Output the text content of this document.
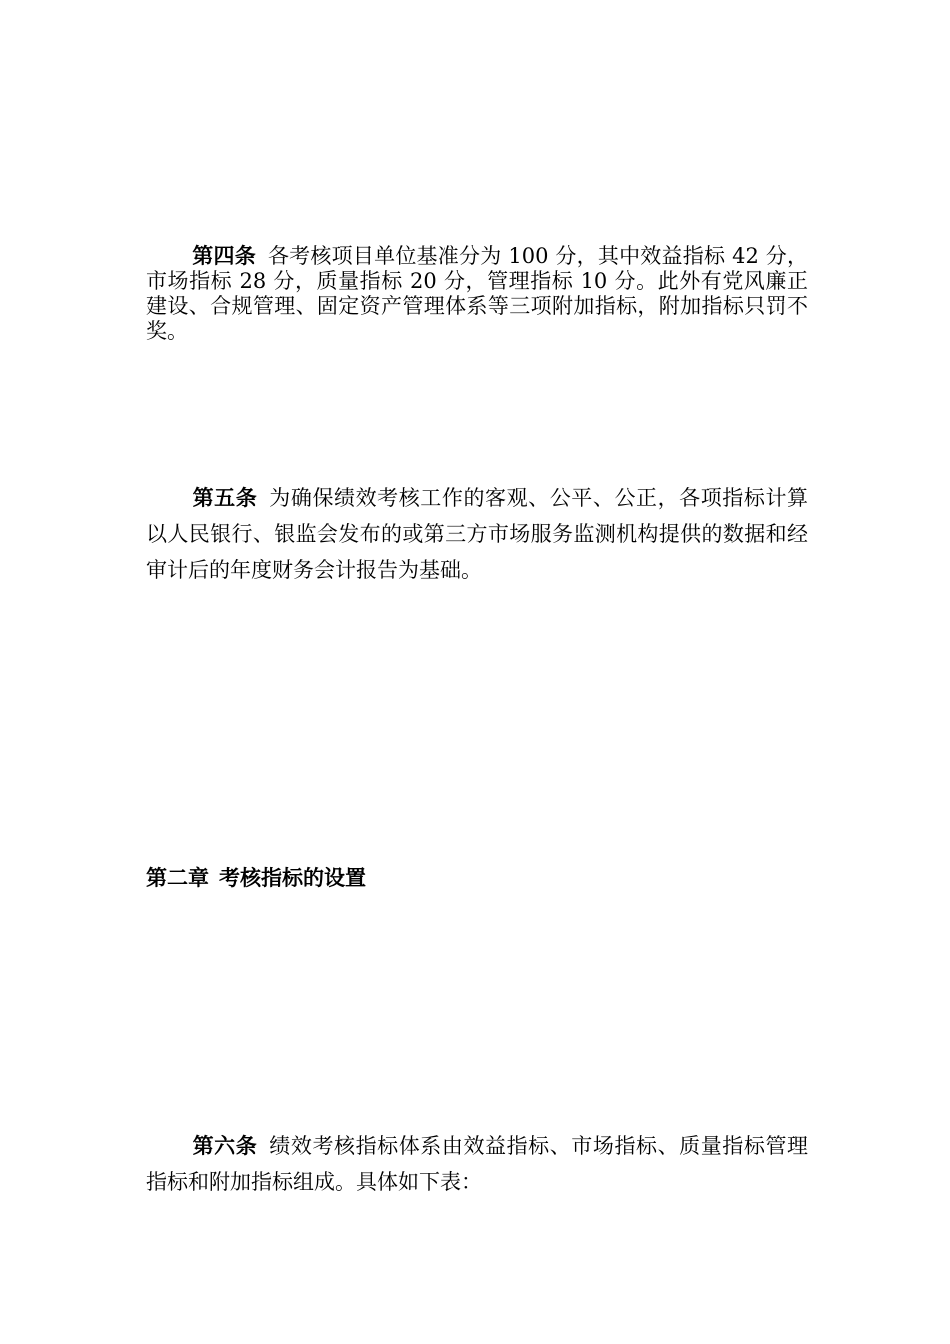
第四条 各考核项目单位基准分为 100 分，其中效益指标 42 分，市场指标 28 分，质量指标 20 分，管理指标 10 分。此外有党风廉正建设、合规管理、固定资产管理体系等三项附加指标，附加指标只罚不奖。
第五条 为确保绩效考核工作的客观、公平、公正，各项指标计算以人民银行、银监会发布的或第三方市场服务监测机构提供的数据和经审计后的年度财务会计报告为基础。
第二章 考核指标的设置
第六条 绩效考核指标体系由效益指标、市场指标、质量指标管理指标和附加指标组成。具体如下表：
